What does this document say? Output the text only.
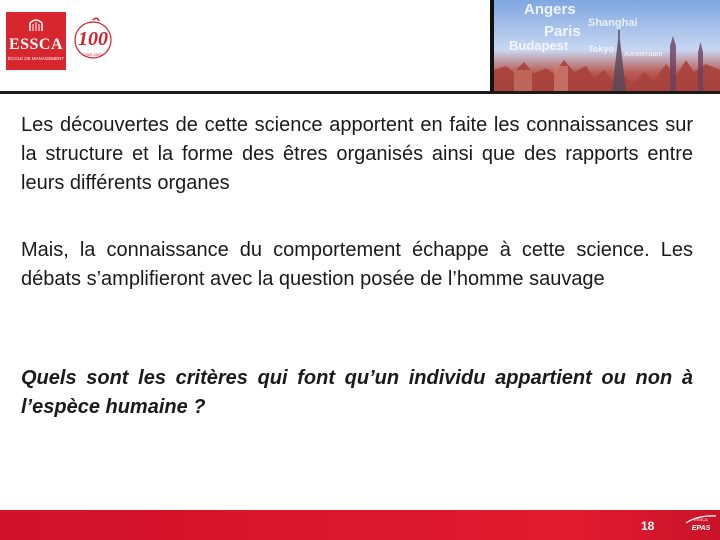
ESSCA
ÉCOLE DE MANAGEMENT
100
1909-2009
Angers
Shanghai
Paris
Budapest Tokyo
Amsterdam

Les découvertes de cette science apportent en faite les connaissances sur la structure et la forme des êtres organisés ainsi que des rapports entre leurs différents organes

Mais, la connaissance du comportement échappe à cette science. Les débats s’amplifieront avec la question posée de l’homme sauvage

Quels sont les critères qui font qu’un individu appartient ou non à l’espèce humaine ?

18	ESSCA
EPAS
